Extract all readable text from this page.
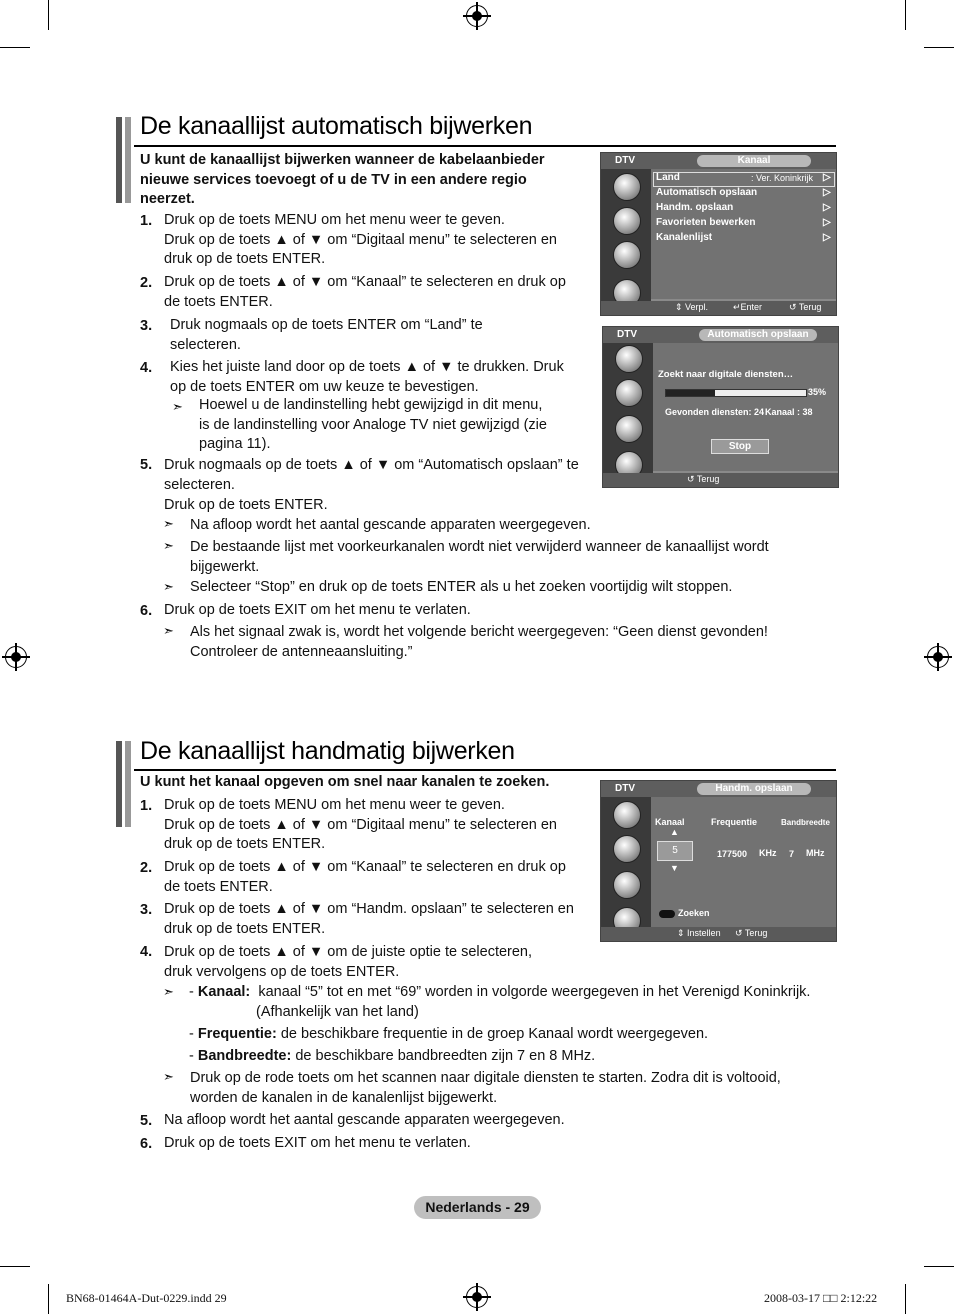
De kanaallijst automatisch bijwerken
U kunt de kanaallijst bijwerken wanneer de kabelaanbieder
nieuwe services toevoegt of u de TV in een andere regio
neerzet.
1. Druk op de toets MENU om het menu weer te geven.
Druk op de toets ▲ of ▼ om “Digitaal menu” te selecteren en
druk op de toets ENTER.
2. Druk op de toets ▲ of ▼ om “Kanaal” te selecteren en druk op
de toets ENTER.
3. Druk nogmaals op de toets ENTER om “Land” te
selecteren.
4. Kies het juiste land door op de toets ▲ of ▼ te drukken. Druk
op de toets ENTER om uw keuze te bevestigen.
➣ Hoewel u de landinstelling hebt gewijzigd in dit menu,
is de landinstelling voor Analoge TV niet gewijzigd (zie
pagina 11).
5. Druk nogmaals op de toets ▲ of ▼ om “Automatisch opslaan” te
selecteren.
Druk op de toets ENTER.
➣ Na afloop wordt het aantal gescande apparaten weergegeven.
➣ De bestaande lijst met voorkeurkanalen wordt niet verwijderd wanneer de kanaallijst wordt
bijgewerkt.
➣ Selecteer “Stop” en druk op de toets ENTER als u het zoeken voortijdig wilt stoppen.
6. Druk op de toets EXIT om het menu te verlaten.
➣ Als het signaal zwak is, wordt het volgende bericht weergegeven: “Geen dienst gevonden!
Controleer de antenneaansluiting.”
DTV	Kanaal
Land	: Ver. Koninkrijk
Automatisch opslaan
Handm. opslaan
Favorieten bewerken
Kanalenlijst
▷
▷
▷
▷
▷
⇕ Verpl.	↵Enter	↺ Terug
DTV	Automatisch opslaan
Zoekt naar digitale diensten…
35%
Gevonden diensten: 24 Kanaal : 38
Stop
↺ Terug
De kanaallijst handmatig bijwerken
U kunt het kanaal opgeven om snel naar kanalen te zoeken.
1. Druk op de toets MENU om het menu weer te geven.
Druk op de toets ▲ of ▼ om “Digitaal menu” te selecteren en
druk op de toets ENTER.
2. Druk op de toets ▲ of ▼ om “Kanaal” te selecteren en druk op
de toets ENTER.
3. Druk op de toets ▲ of ▼ om “Handm. opslaan” te selecteren en
druk op de toets ENTER.
4. Druk op de toets ▲ of ▼ om de juiste optie te selecteren,
druk vervolgens op de toets ENTER.
➣ - Kanaal: kanaal “5” tot en met “69” worden in volgorde weergegeven in het Verenigd Koninkrijk.
(Afhankelijk van het land)
- Frequentie: de beschikbare frequentie in de groep Kanaal wordt weergegeven.
- Bandbreedte: de beschikbare bandbreedten zijn 7 en 8 MHz.
➣ Druk op de rode toets om het scannen naar digitale diensten te starten. Zodra dit is voltooid,
worden de kanalen in de kanalenlijst bijgewerkt.
5. Na afloop wordt het aantal gescande apparaten weergegeven.
6. Druk op de toets EXIT om het menu te verlaten.
DTV	Handm. opslaan
Kanaal	Frequentie	Bandbreedte
▲
5
▼
177500 KHz 7 MHz
Zoeken
⇕ Instellen ↺ Terug
Nederlands - 29
BN68-01464A-Dut-0229.indd 29	2008-03-17 □□ 2:12:22
